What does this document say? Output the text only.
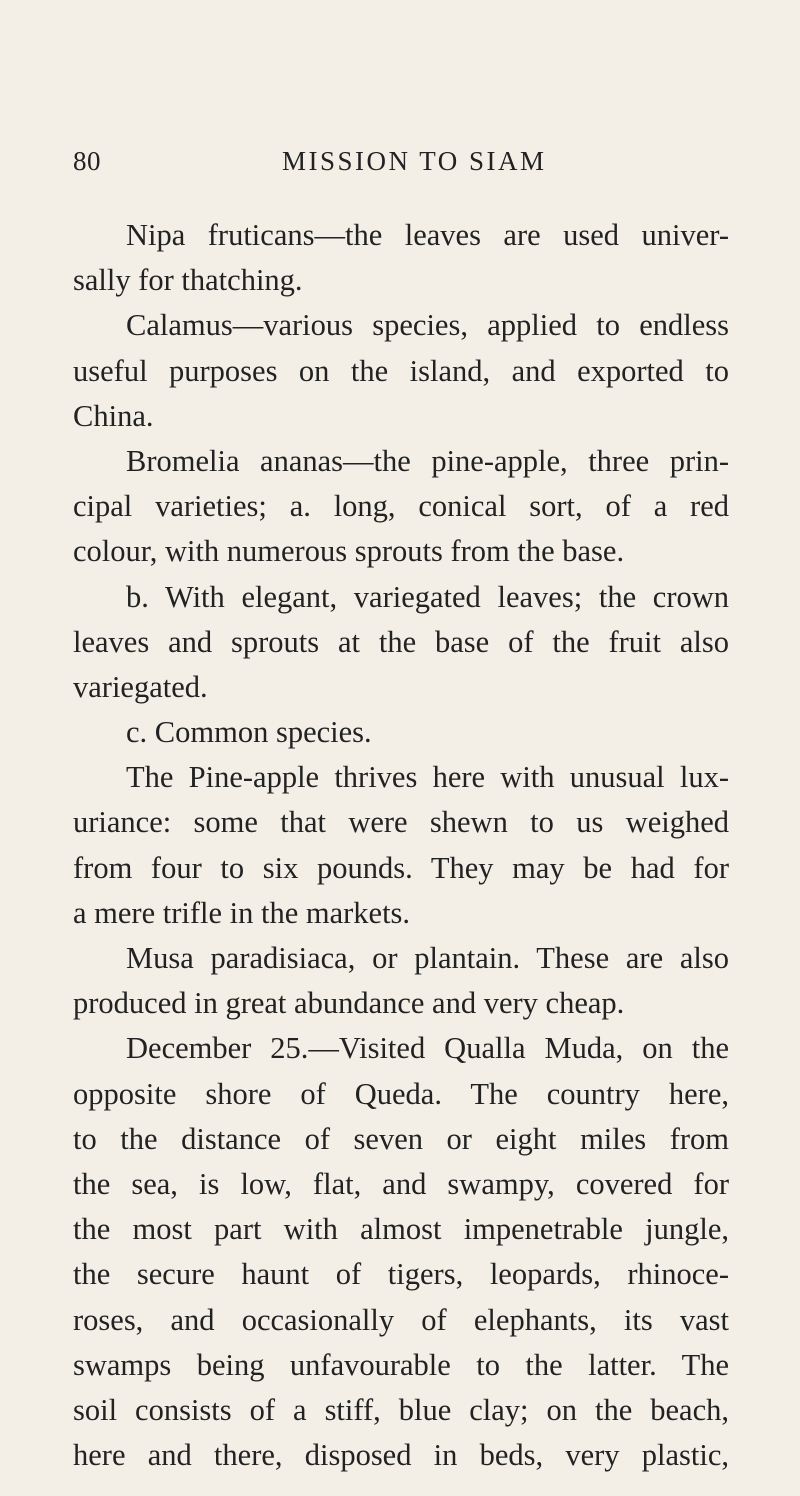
80	MISSION TO SIAM
Nipa fruticans—the leaves are used univer-
sally for thatching.
Calamus—various species, applied to endless
useful purposes on the island, and exported to
China.
Bromelia ananas—the pine-apple, three prin-
cipal varieties; a. long, conical sort, of a red
colour, with numerous sprouts from the base.
b. With elegant, variegated leaves; the crown
leaves and sprouts at the base of the fruit also
variegated.
c. Common species.
The Pine-apple thrives here with unusual lux-
uriance: some that were shewn to us weighed
from four to six pounds. They may be had for
a mere trifle in the markets.
Musa paradisiaca, or plantain. These are also
produced in great abundance and very cheap.
December 25.—Visited Qualla Muda, on the
opposite shore of Queda. The country here,
to the distance of seven or eight miles from
the sea, is low, flat, and swampy, covered for
the most part with almost impenetrable jungle,
the secure haunt of tigers, leopards, rhinoce-
roses, and occasionally of elephants, its vast
swamps being unfavourable to the latter. The
soil consists of a stiff, blue clay; on the beach,
here and there, disposed in beds, very plastic,
